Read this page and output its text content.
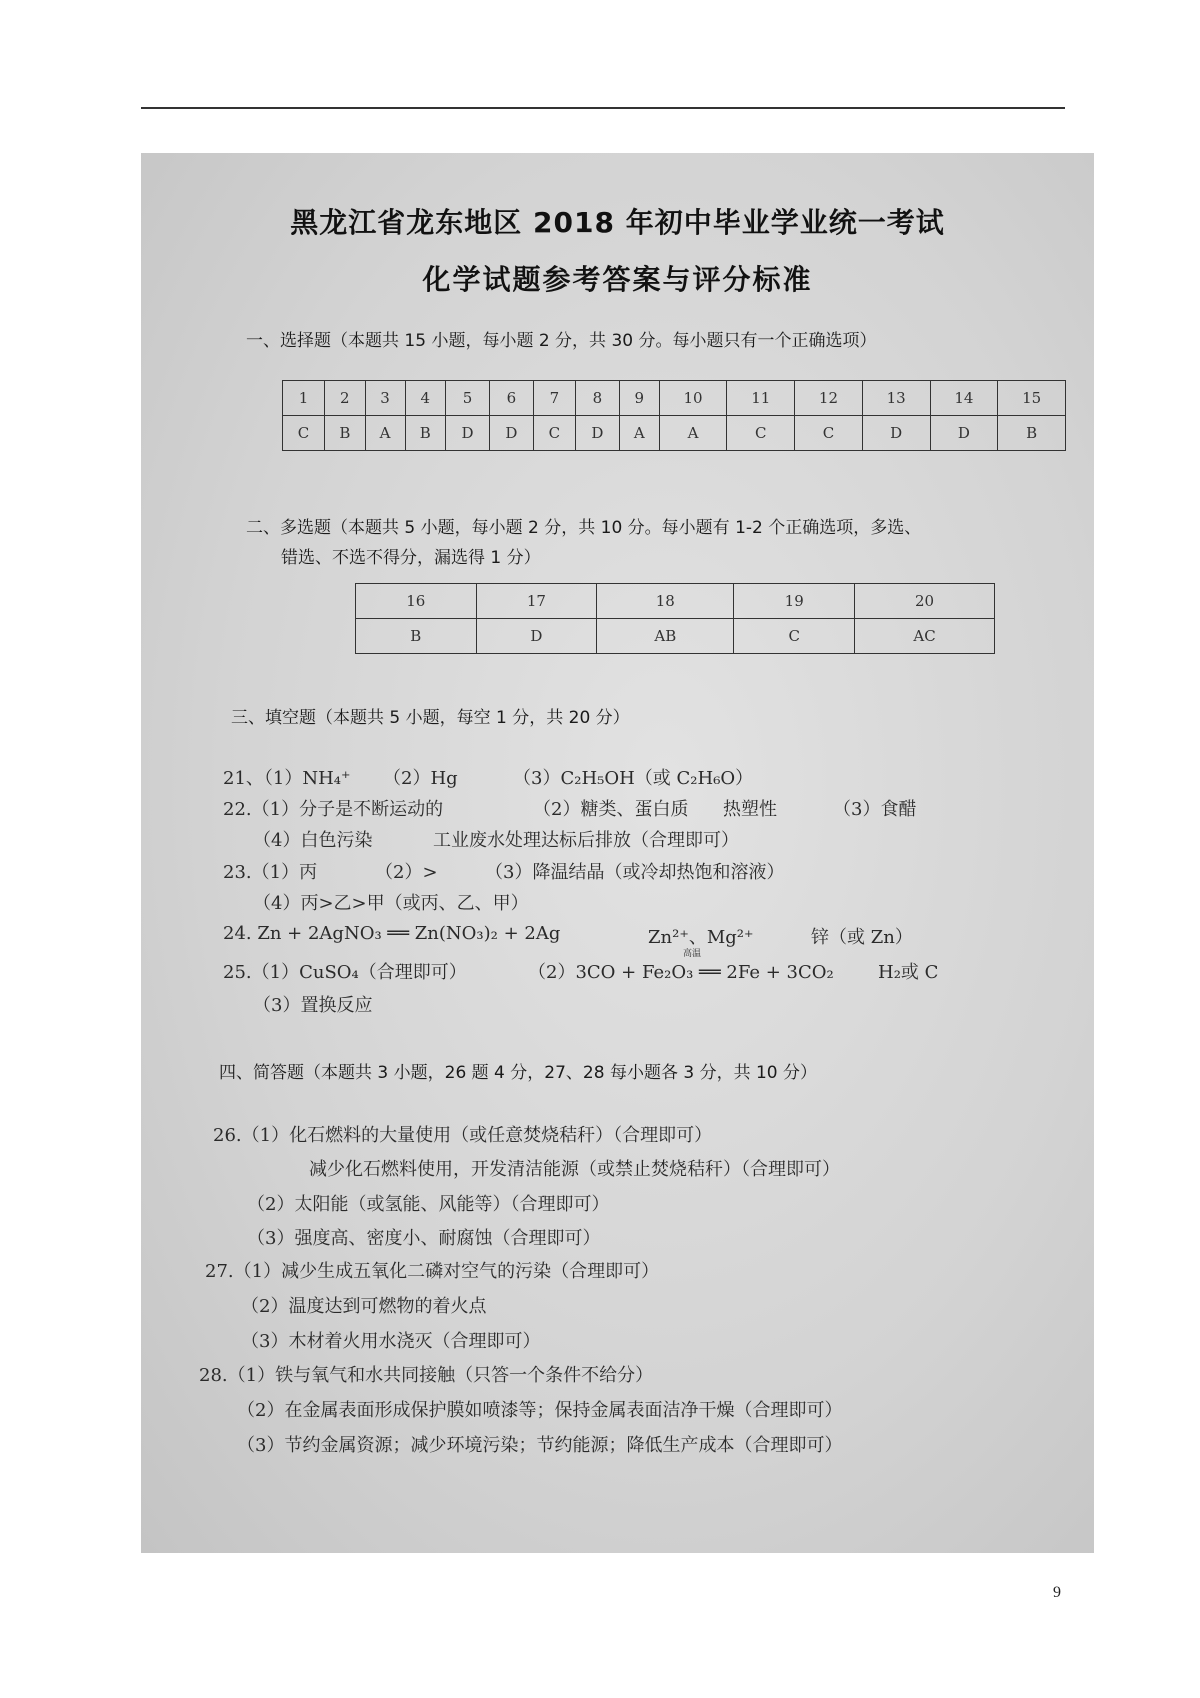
黑龙江省龙东地区 2018 年初中毕业学业统一考试
化学试题参考答案与评分标准
一、选择题（本题共 15 小题，每小题 2 分，共 30 分。每小题只有一个正确选项）
1	2	3	4	5	6	7	8	9	10	11	12	13	14	15
C	B	A	B	D	D	C	D	A	A	C	C	D	D	B
二、多选题（本题共 5 小题，每小题 2 分，共 10 分。每小题有 1-2 个正确选项，多选、
错选、不选不得分，漏选得 1 分）
16	17	18	19	20
B	D	AB	C	AC
三、填空题（本题共 5 小题，每空 1 分，共 20 分）
21、（1）NH₄⁺ （2）Hg	（3）C₂H₅OH（或 C₂H₆O）
22.（1）分子是不断运动的	（2）糖类、蛋白质 热塑性	（3）食醋
（4）白色污染	工业废水处理达标后排放（合理即可）
23.（1）丙	（2）>	（3）降温结晶（或冷却热饱和溶液）
（4）丙>乙>甲（或丙、乙、甲）
24. Zn + 2AgNO₃ ══ Zn(NO₃)₂ + 2Ag	Zn²⁺、Mg²⁺	锌（或 Zn）
25.（1）CuSO₄（合理即可）	（2）3CO + Fe₂O₃ ══ 2Fe + 3CO₂
高温
H₂或 C
（3）置换反应
四、简答题（本题共 3 小题，26 题 4 分，27、28 每小题各 3 分，共 10 分）
26.（1）化石燃料的大量使用（或任意焚烧秸秆）（合理即可）
减少化石燃料使用，开发清洁能源（或禁止焚烧秸秆）（合理即可）
（2）太阳能（或氢能、风能等）（合理即可）
（3）强度高、密度小、耐腐蚀（合理即可）
27.（1）减少生成五氧化二磷对空气的污染（合理即可）
（2）温度达到可燃物的着火点
（3）木材着火用水浇灭（合理即可）
28.（1）铁与氧气和水共同接触（只答一个条件不给分）
（2）在金属表面形成保护膜如喷漆等；保持金属表面洁净干燥（合理即可）
（3）节约金属资源；减少环境污染；节约能源；降低生产成本（合理即可）
9
